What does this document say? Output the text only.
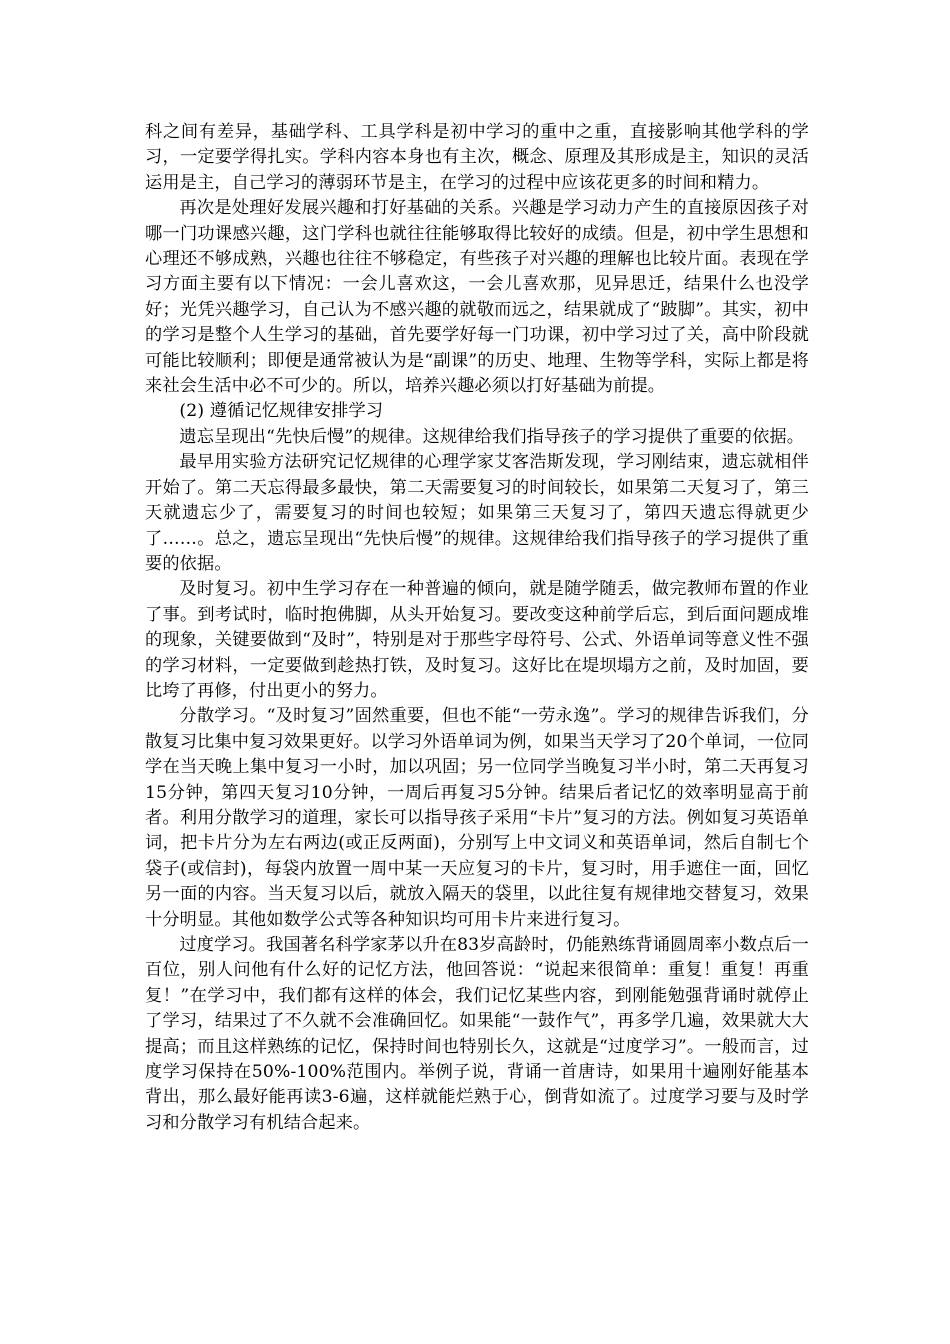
科之间有差异，基础学科、工具学科是初中学习的重中之重，直接影响其他学科的学习，一定要学得扎实。学科内容本身也有主次，概念、原理及其形成是主，知识的灵活运用是主，自己学习的薄弱环节是主，在学习的过程中应该花更多的时间和精力。

再次是处理好发展兴趣和打好基础的关系。兴趣是学习动力产生的直接原因孩子对哪一门功课感兴趣，这门学科也就往往能够取得比较好的成绩。但是，初中学生思想和心理还不够成熟，兴趣也往往不够稳定，有些孩子对兴趣的理解也比较片面。表现在学习方面主要有以下情况：一会儿喜欢这，一会儿喜欢那，见异思迁，结果什么也没学好；光凭兴趣学习，自己认为不感兴趣的就敬而远之，结果就成了“跛脚”。其实，初中的学习是整个人生学习的基础，首先要学好每一门功课，初中学习过了关，高中阶段就可能比较顺利；即便是通常被认为是“副课”的历史、地理、生物等学科，实际上都是将来社会生活中必不可少的。所以，培养兴趣必须以打好基础为前提。

(2) 遵循记忆规律安排学习

遗忘呈现出“先快后慢”的规律。这规律给我们指导孩子的学习提供了重要的依据。

最早用实验方法研究记忆规律的心理学家艾客浩斯发现，学习刚结束，遗忘就相伴开始了。第二天忘得最多最快，第二天需要复习的时间较长，如果第二天复习了，第三天就遗忘少了，需要复习的时间也较短；如果第三天复习了，第四天遗忘得就更少了……。总之，遗忘呈现出“先快后慢”的规律。这规律给我们指导孩子的学习提供了重要的依据。

及时复习。初中生学习存在一种普遍的倾向，就是随学随丢，做完教师布置的作业了事。到考试时，临时抱佛脚，从头开始复习。要改变这种前学后忘，到后面问题成堆的现象，关键要做到“及时”，特别是对于那些字母符号、公式、外语单词等意义性不强的学习材料，一定要做到趁热打铁，及时复习。这好比在堤坝塌方之前，及时加固，要比垮了再修，付出更小的努力。

分散学习。“及时复习”固然重要，但也不能“一劳永逸”。学习的规律告诉我们，分散复习比集中复习效果更好。以学习外语单词为例，如果当天学习了20个单词，一位同学在当天晚上集中复习一小时，加以巩固；另一位同学当晚复习半小时，第二天再复习15分钟，第四天复习10分钟，一周后再复习5分钟。结果后者记忆的效率明显高于前者。利用分散学习的道理，家长可以指导孩子采用“卡片”复习的方法。例如复习英语单词，把卡片分为左右两边(或正反两面)，分别写上中文词义和英语单词，然后自制七个袋子(或信封)，每袋内放置一周中某一天应复习的卡片，复习时，用手遮住一面，回忆另一面的内容。当天复习以后，就放入隔天的袋里，以此往复有规律地交替复习，效果十分明显。其他如数学公式等各种知识均可用卡片来进行复习。

过度学习。我国著名科学家茅以升在83岁高龄时，仍能熟练背诵圆周率小数点后一百位，别人问他有什么好的记忆方法，他回答说：“说起来很简单：重复！重复！再重复！”在学习中，我们都有这样的体会，我们记忆某些内容，到刚能勉强背诵时就停止了学习，结果过了不久就不会准确回忆。如果能“一鼓作气”，再多学几遍，效果就大大提高；而且这样熟练的记忆，保持时间也特别长久，这就是“过度学习”。一般而言，过度学习保持在50%-100%范围内。举例子说，背诵一首唐诗，如果用十遍刚好能基本背出，那么最好能再读3-6遍，这样就能烂熟于心，倒背如流了。过度学习要与及时学习和分散学习有机结合起来。
